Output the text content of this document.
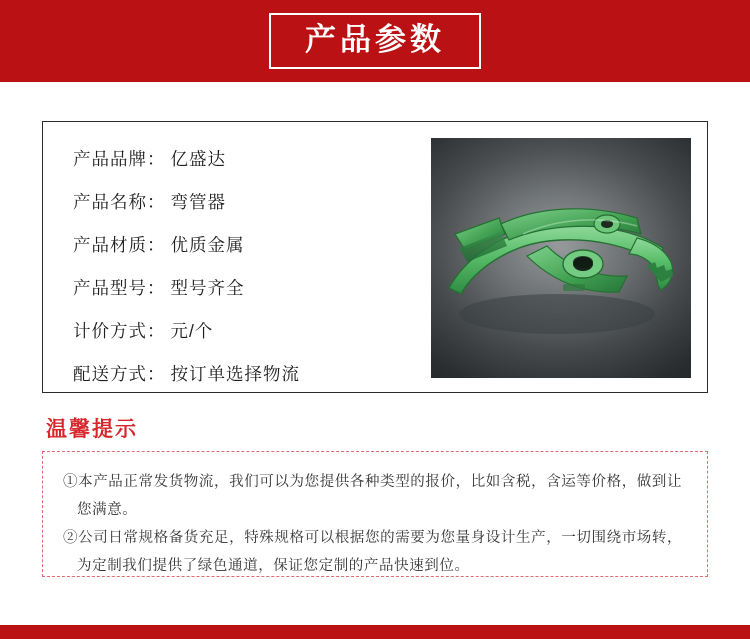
产品参数
产品品牌 ： 亿盛达
产品名称 ： 弯管器
产品材质 ： 优质金属
产品型号 ： 型号齐全
计价方式 ： 元/个
配送方式 ： 按订单选择物流
温馨提示
①本产品正常发货物流，我们可以为您提供各种类型的报价，比如含税，含运等价格，做到让
您满意。
②公司日常规格备货充足，特殊规格可以根据您的需要为您量身设计生产，一切围绕市场转，
为定制我们提供了绿色通道，保证您定制的产品快速到位。
